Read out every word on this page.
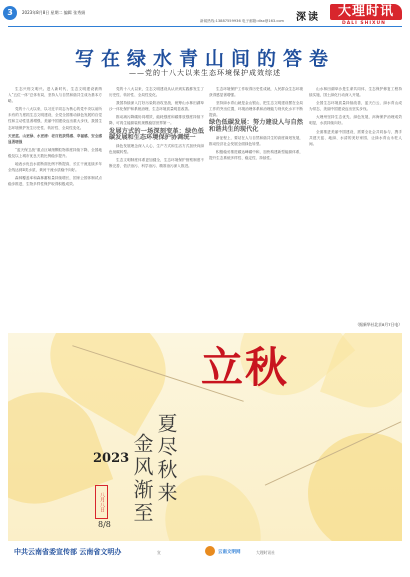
3	2023年8月8日 星期二 编辑 张秀娟
新闻热线:13887559936 电子邮箱:dlsx@163.com 深读	大理时讯
DALI SHIXUN
写在绿水青山间的答卷
——党的十八大以来生态环境保护成效综述

生态兴则文明兴。进入新时代，生态文明建设被纳入“五位一体”总体布局，坚持人与自然和谐共生成为基本方略。

党的十八大以来，以习近平同志为核心的党中央以前所未有的力度抓生态文明建设，全党全国推动绿色发展的自觉性和主动性显著增强，美丽中国建设迈出重大步伐，我国生态环境保护发生历史性、转折性、全局性变化。

天更蓝、山更绿、水更清：老百姓获得感、幸福感、安全感显著增强

“蓝天保卫战”重点区域细颗粒物浓度持续下降，全国地级及以上城市优良天数比例稳步提升。

地表水优良水质断面比例不断提高，长江干流连续多年全线达到Ⅱ类水质，黄河干流水质稳中向好。

森林覆盖率和森林蓄积量持续增长，国家公园体制试点稳步推进，生物多样性保护取得积极成效。

党的十八大以来，生态文明建设从认识到实践都发生了历史性、转折性、全局性变化。

我国持续深入打好污染防治攻坚战，统筹山水林田湖草沙一体化保护和系统治理，生态环境质量明显改善。

推动减污降碳协同增效，能耗强度和碳排放强度持续下降，可再生能源装机规模稳居世界第一。

发展方式的一场深刻变革：绿色低碳发展和生态环境保护协调统一

绿色发展理念深入人心，生产方式和生活方式加快向绿色低碳转型。

生态文明制度体系更加健全，生态环境保护督察制度不断完善，依法治污、科学治污、精准治污深入推进。

生态环境保护工作取得历史性成就，人民群众生态环境获得感显著增强。

坚持绿水青山就是金山银山，把生态文明建设摆在全局工作的突出位置，环境治理体系和治理能力现代化水平不断提高。

绿色低碳发展：努力建设人与自然和谐共生的现代化

新征程上，要站在人与自然和谐共生的高度谋划发展，推动经济社会发展全面绿色转型。

积极稳妥推进碳达峰碳中和，加快构建新型能源体系，提升生态系统多样性、稳定性、持续性。

山水林田湖草沙是生命共同体，生态保护修复工程持续实施，国土绿化行动深入开展。

全国生态环境质量持续改善，蓝天白云、绿水青山成为常态，美丽中国建设迈出坚实步伐。

大理州坚持生态优先、绿色发展，洱海保护治理成效明显，水质持续向好。

全面推进美丽中国建设，需要全社会共同参与，携手共建天蓝、地绿、水清的美好家园，让绿水青山永驻人间。

（据新华社北京8月7日电）
立秋
夏尽秋来
金风渐至
2023
八月八日
8/8
中共云南省委宣传部 云南省文明办	宣	云南文明网	大理时讯社
